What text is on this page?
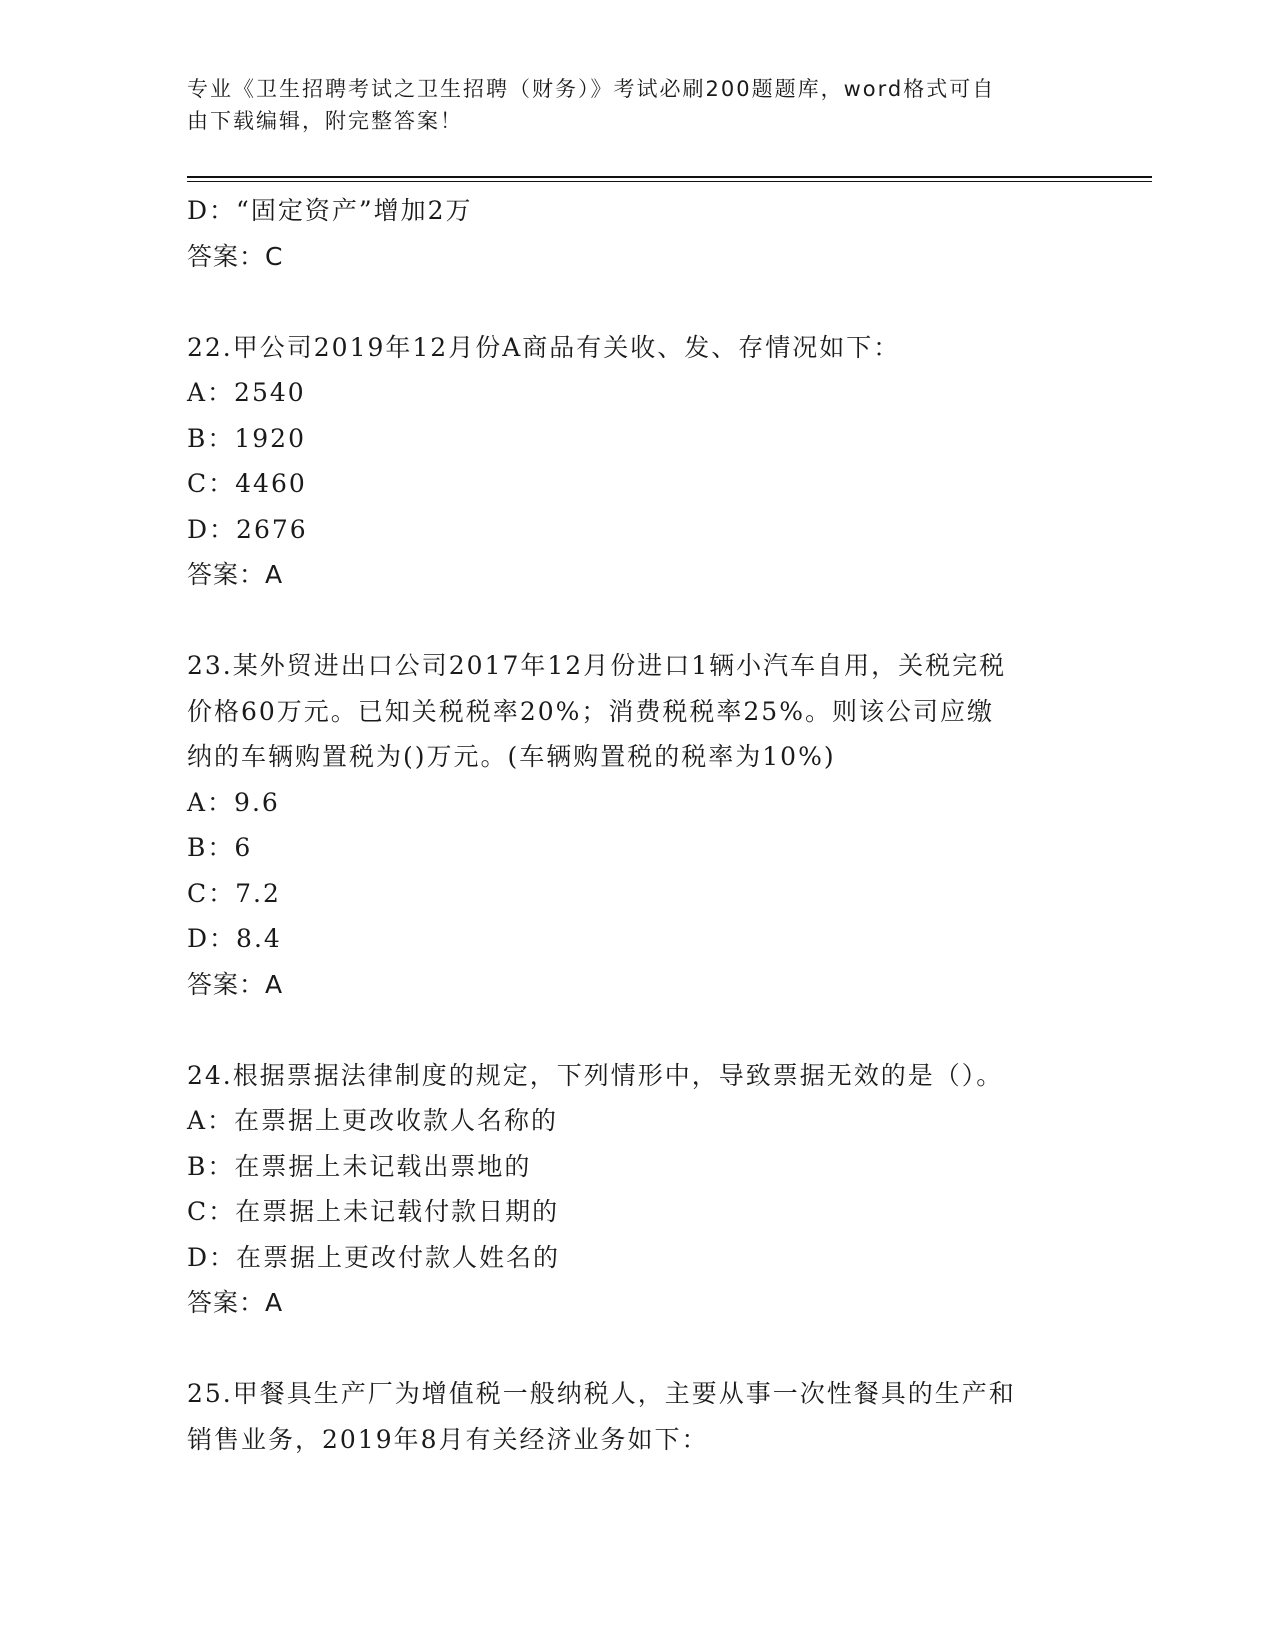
专业《卫生招聘考试之卫生招聘（财务）》考试必刷200题题库，word格式可自
由下载编辑，附完整答案！
D：“固定资产”增加2万
答案：C
22.甲公司2019年12月份A商品有关收、发、存情况如下：
A：2540
B：1920
C：4460
D：2676
答案：A
23.某外贸进出口公司2017年12月份进口1辆小汽车自用，关税完税
价格60万元。已知关税税率20%；消费税税率25%。则该公司应缴
纳的车辆购置税为()万元。(车辆购置税的税率为10%)
A：9.6
B：6
C：7.2
D：8.4
答案：A
24.根据票据法律制度的规定，下列情形中，导致票据无效的是（）。
A：在票据上更改收款人名称的
B：在票据上未记载出票地的
C：在票据上未记载付款日期的
D：在票据上更改付款人姓名的
答案：A
25.甲餐具生产厂为增值税一般纳税人，主要从事一次性餐具的生产和
销售业务，2019年8月有关经济业务如下：
